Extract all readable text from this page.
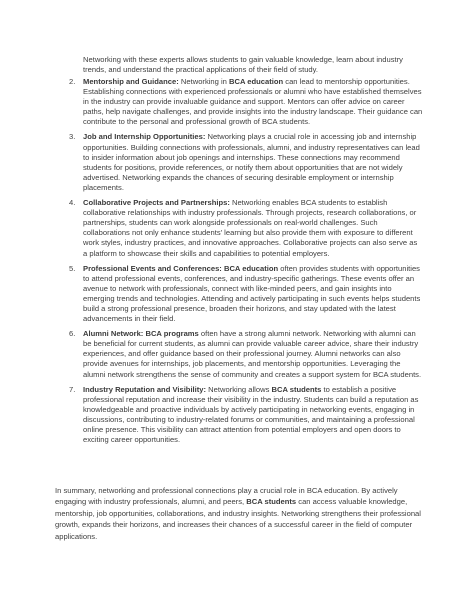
Networking with these experts allows students to gain valuable knowledge, learn about industry trends, and understand the practical applications of their field of study.

2.	Mentorship and Guidance: Networking in BCA education can lead to mentorship opportunities. Establishing connections with experienced professionals or alumni who have established themselves in the industry can provide invaluable guidance and support. Mentors can offer advice on career paths, help navigate challenges, and provide insights into the industry landscape. Their guidance can contribute to the personal and professional growth of BCA students.
3.	Job and Internship Opportunities: Networking plays a crucial role in accessing job and internship opportunities. Building connections with professionals, alumni, and industry representatives can lead to insider information about job openings and internships. These connections may recommend students for positions, provide references, or notify them about opportunities that are not widely advertised. Networking expands the chances of securing desirable employment or internship placements.
4.	Collaborative Projects and Partnerships: Networking enables BCA students to establish collaborative relationships with industry professionals. Through projects, research collaborations, or partnerships, students can work alongside professionals on real-world challenges. Such collaborations not only enhance students' learning but also provide them with exposure to different work styles, industry practices, and innovative approaches. Collaborative projects can also serve as a platform to showcase their skills and capabilities to potential employers.
5.	Professional Events and Conferences: BCA education often provides students with opportunities to attend professional events, conferences, and industry-specific gatherings. These events offer an avenue to network with professionals, connect with like-minded peers, and gain insights into emerging trends and technologies. Attending and actively participating in such events helps students build a strong professional presence, broaden their horizons, and stay updated with the latest advancements in their field.
6.	Alumni Network: BCA programs often have a strong alumni network. Networking with alumni can be beneficial for current students, as alumni can provide valuable career advice, share their industry experiences, and offer guidance based on their professional journey. Alumni networks can also provide avenues for internships, job placements, and mentorship opportunities. Leveraging the alumni network strengthens the sense of community and creates a support system for BCA students.
7.	Industry Reputation and Visibility: Networking allows BCA students to establish a positive professional reputation and increase their visibility in the industry. Students can build a reputation as knowledgeable and proactive individuals by actively participating in networking events, engaging in discussions, contributing to industry-related forums or communities, and maintaining a professional online presence. This visibility can attract attention from potential employers and open doors to exciting career opportunities.

In summary, networking and professional connections play a crucial role in BCA education. By actively engaging with industry professionals, alumni, and peers, BCA students can access valuable knowledge, mentorship, job opportunities, collaborations, and industry insights. Networking strengthens their professional growth, expands their horizons, and increases their chances of a successful career in the field of computer applications.
